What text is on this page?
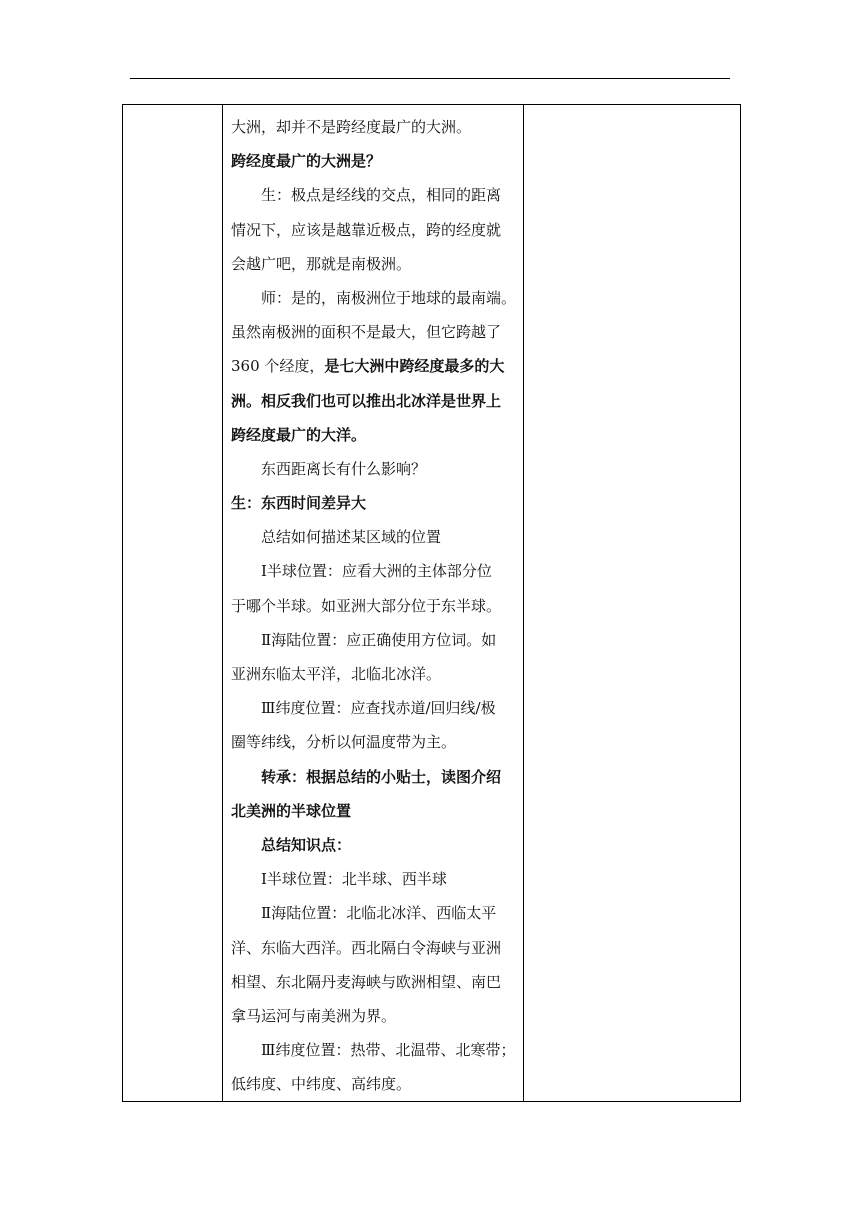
大洲，却并不是跨经度最广的大洲。
跨经度最广的大洲是？
生：极点是经线的交点，相同的距离
情况下，应该是越靠近极点，跨的经度就
会越广吧，那就是南极洲。
师：是的，南极洲位于地球的最南端。
虽然南极洲的面积不是最大，但它跨越了
360 个经度，是七大洲中跨经度最多的大
洲。相反我们也可以推出北冰洋是世界上
跨经度最广的大洋。
东西距离长有什么影响？
生：东西时间差异大
总结如何描述某区域的位置
Ⅰ半球位置：应看大洲的主体部分位
于哪个半球。如亚洲大部分位于东半球。
Ⅱ海陆位置：应正确使用方位词。如
亚洲东临太平洋，北临北冰洋。
Ⅲ纬度位置：应查找赤道/回归线/极
圈等纬线，分析以何温度带为主。
转承：根据总结的小贴士，读图介绍
北美洲的半球位置
总结知识点：
Ⅰ半球位置：北半球、西半球
Ⅱ海陆位置：北临北冰洋、西临太平
洋、东临大西洋。西北隔白令海峡与亚洲
相望、东北隔丹麦海峡与欧洲相望、南巴
拿马运河与南美洲为界。
Ⅲ纬度位置：热带、北温带、北寒带；
低纬度、中纬度、高纬度。
